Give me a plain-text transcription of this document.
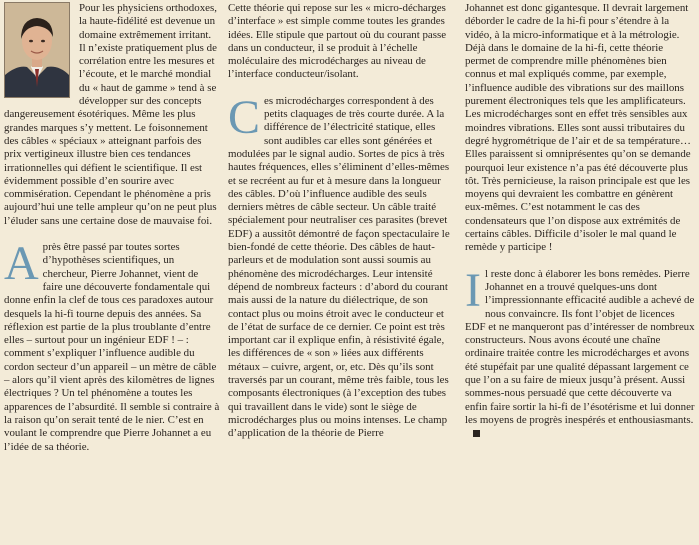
Pour les physiciens orthodoxes, la haute-fidélité est devenue un domaine extrêmement irritant. Il n’existe pratiquement plus de corrélation entre les mesures et l’écoute, et le marché mondial du « haut de gamme » tend à se développer sur des concepts dangereusement ésotériques. Même les plus grandes marques s’y mettent. Le foisonnement des câbles « spéciaux » atteignant parfois des prix vertigineux illustre bien ces tendances irrationnelles qui défient le scientifique. Il est évidemment possible d’en sourire avec commisération. Cependant le phénomène a pris aujourd’hui une telle ampleur qu’on ne peut plus l’éluder sans une certaine dose de mauvaise foi.

Après être passé par toutes sortes d’hypothèses scientifiques, un chercheur, Pierre Johannet, vient de faire une découverte fondamentale qui donne enfin la clef de tous ces paradoxes autour desquels la hi-fi tourne depuis des années. Sa réflexion est partie de la plus troublante d’entre elles – surtout pour un ingénieur EDF ! – : comment s’expliquer l’influence audible du cordon secteur d’un appareil – un mètre de câble – alors qu’il vient après des kilomètres de lignes électriques ? Un tel phénomène a toutes les apparences de l’absurdité. Il semble si contraire à la raison qu’on serait tenté de le nier. C’est en voulant le comprendre que Pierre Johannet a eu l’idée de sa théorie.

Cette théorie qui repose sur les « micro-décharges d’interface » est simple comme toutes les grandes idées. Elle stipule que partout où du courant passe dans un conducteur, il se produit à l’échelle moléculaire des microdécharges au niveau de l’interface conducteur/isolant.

Ces microdécharges correspondent à des petits claquages de très courte durée. A la différence de l’électricité statique, elles sont audibles car elles sont générées et modulées par le signal audio. Sortes de pics à très hautes fréquences, elles s’éliminent d’elles-mêmes et se recréent au fur et à mesure dans la longueur des câbles. D’où l’influence audible des seuls derniers mètres de câble secteur. Un câble traité spécialement pour neutraliser ces parasites (brevet EDF) a aussitôt démontré de façon spectaculaire le bien-fondé de cette théorie. Des câbles de haut-parleurs et de modulation sont aussi soumis au phénomène des microdécharges. Leur intensité dépend de nombreux facteurs : d’abord du courant mais aussi de la nature du diélectrique, de son contact plus ou moins étroit avec le conducteur et de l’état de surface de ce dernier. Ce point est très important car il explique enfin, à résistivité égale, les différences de « son » liées aux différents métaux – cuivre, argent, or, etc. Dès qu’ils sont traversés par un courant, même très faible, tous les composants électroniques (à l’exception des tubes qui travaillent dans le vide) sont le siège de microdécharges plus ou moins intenses. Le champ d’application de la théorie de Pierre

Johannet est donc gigantesque. Il devrait largement déborder le cadre de la hi-fi pour s’étendre à la vidéo, à la micro-informatique et à la métrologie. Déjà dans le domaine de la hi-fi, cette théorie permet de comprendre mille phénomènes bien connus et mal expliqués comme, par exemple, l’influence audible des vibrations sur des maillons purement électroniques tels que les amplificateurs. Les microdécharges sont en effet très sensibles aux moindres vibrations. Elles sont aussi tributaires du degré hygrométrique de l’air et de sa température… Elles paraissent si omniprésentes qu’on se demande pourquoi leur existence n’a pas été découverte plus tôt. Très pernicieuse, la raison principale est que les moyens qui devraient les combattre en génèrent eux-mêmes. C’est notamment le cas des condensateurs que l’on dispose aux extrémités de certains câbles. Difficile d’isoler le mal quand le remède y participe !

Il reste donc à élaborer les bons remèdes. Pierre Johannet en a trouvé quelques-uns dont l’impressionnante efficacité audible a achevé de nous convaincre. Ils font l’objet de licences EDF et ne manqueront pas d’intéresser de nombreux constructeurs. Nous avons écouté une chaîne ordinaire traitée contre les microdécharges et avons été stupéfait par une qualité dépassant largement ce que l’on a su faire de mieux jusqu’à présent. Aussi sommes-nous persuadé que cette découverte va enfin faire sortir la hi-fi de l’ésotérisme et lui donner les moyens de progrès inespérés et enthousiasmants.
